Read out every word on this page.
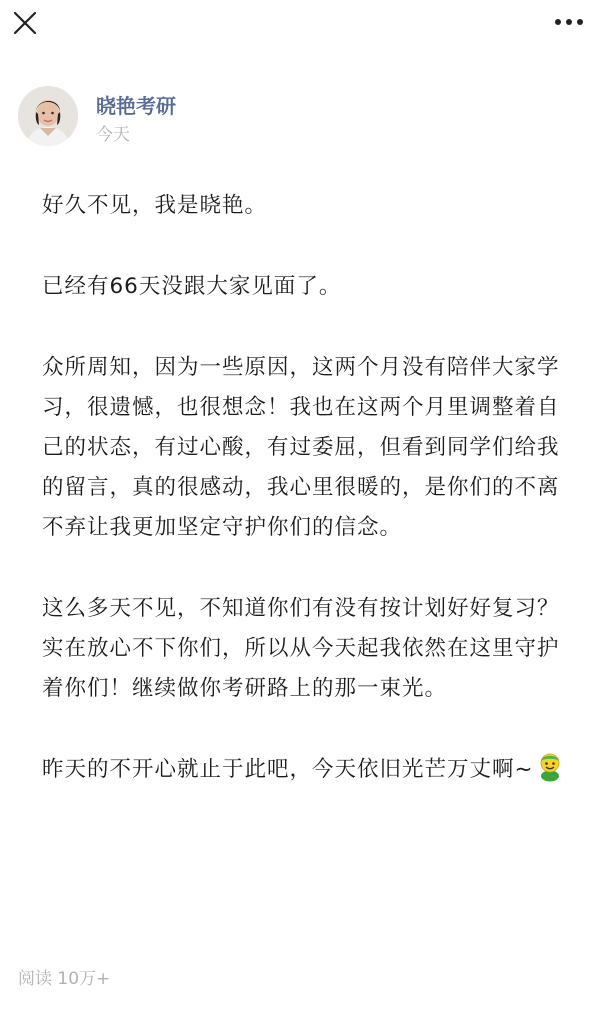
晓艳考研
今天

好久不见，我是晓艳。

已经有66天没跟大家见面了。

众所周知，因为一些原因，这两个月没有陪伴大家学习，很遗憾，也很想念！我也在这两个月里调整着自己的状态，有过心酸，有过委屈，但看到同学们给我的留言，真的很感动，我心里很暖的，是你们的不离不弃让我更加坚定守护你们的信念。

这么多天不见，不知道你们有没有按计划好好复习？实在放心不下你们，所以从今天起我依然在这里守护着你们！继续做你考研路上的那一束光。

昨天的不开心就止于此吧，今天依旧光芒万丈啊~

阅读 10万+
